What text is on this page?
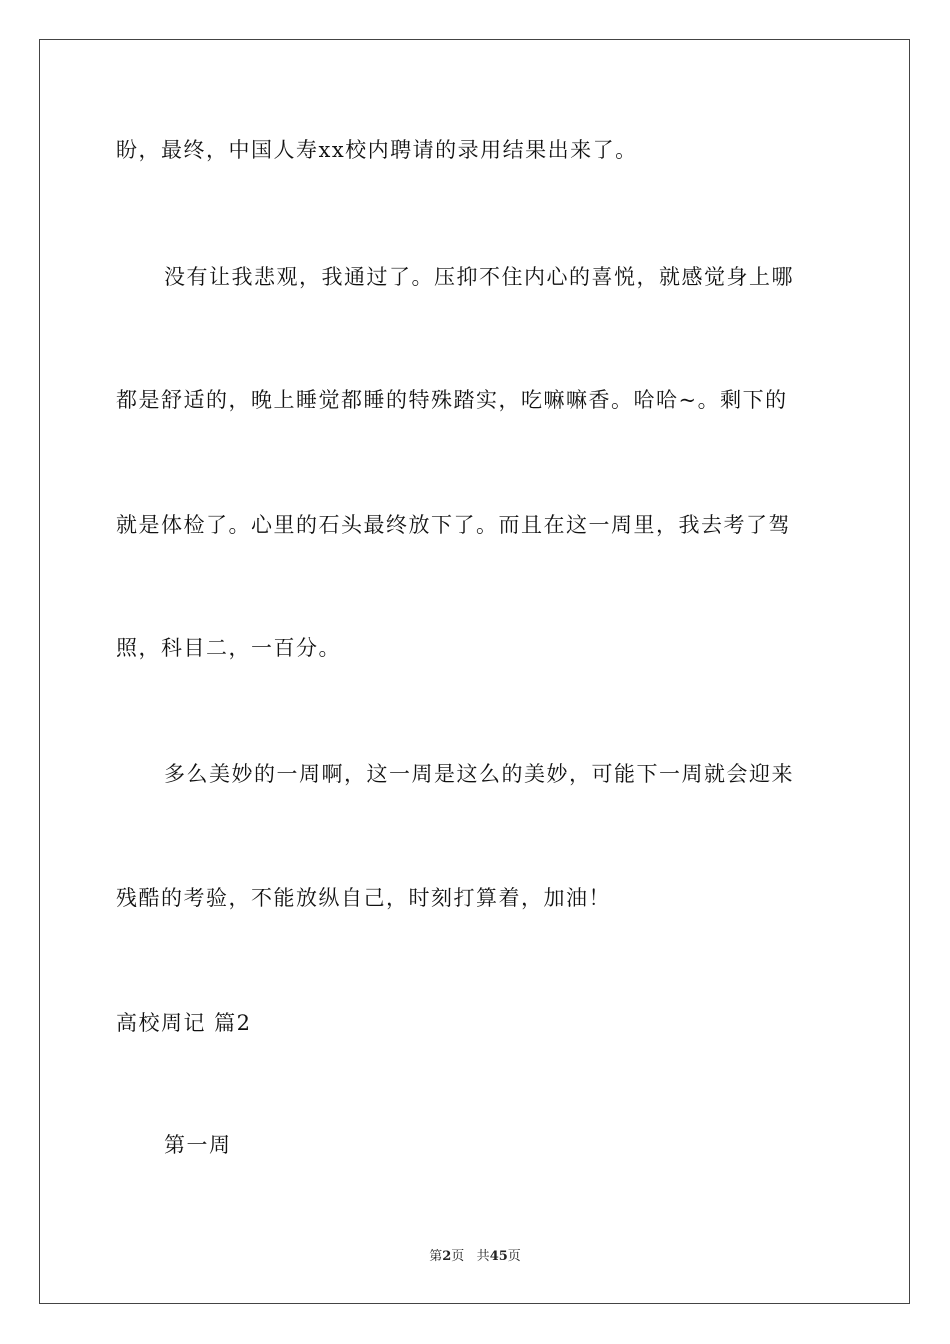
盼，最终，中国人寿xx校内聘请的录用结果出来了。
没有让我悲观，我通过了。压抑不住内心的喜悦，就感觉身上哪
都是舒适的，晚上睡觉都睡的特殊踏实，吃嘛嘛香。哈哈~。剩下的
就是体检了。心里的石头最终放下了。而且在这一周里，我去考了驾
照，科目二，一百分。
多么美妙的一周啊，这一周是这么的美妙，可能下一周就会迎来
残酷的考验，不能放纵自己，时刻打算着，加油！
高校周记 篇2
第一周
第2页 共45页
